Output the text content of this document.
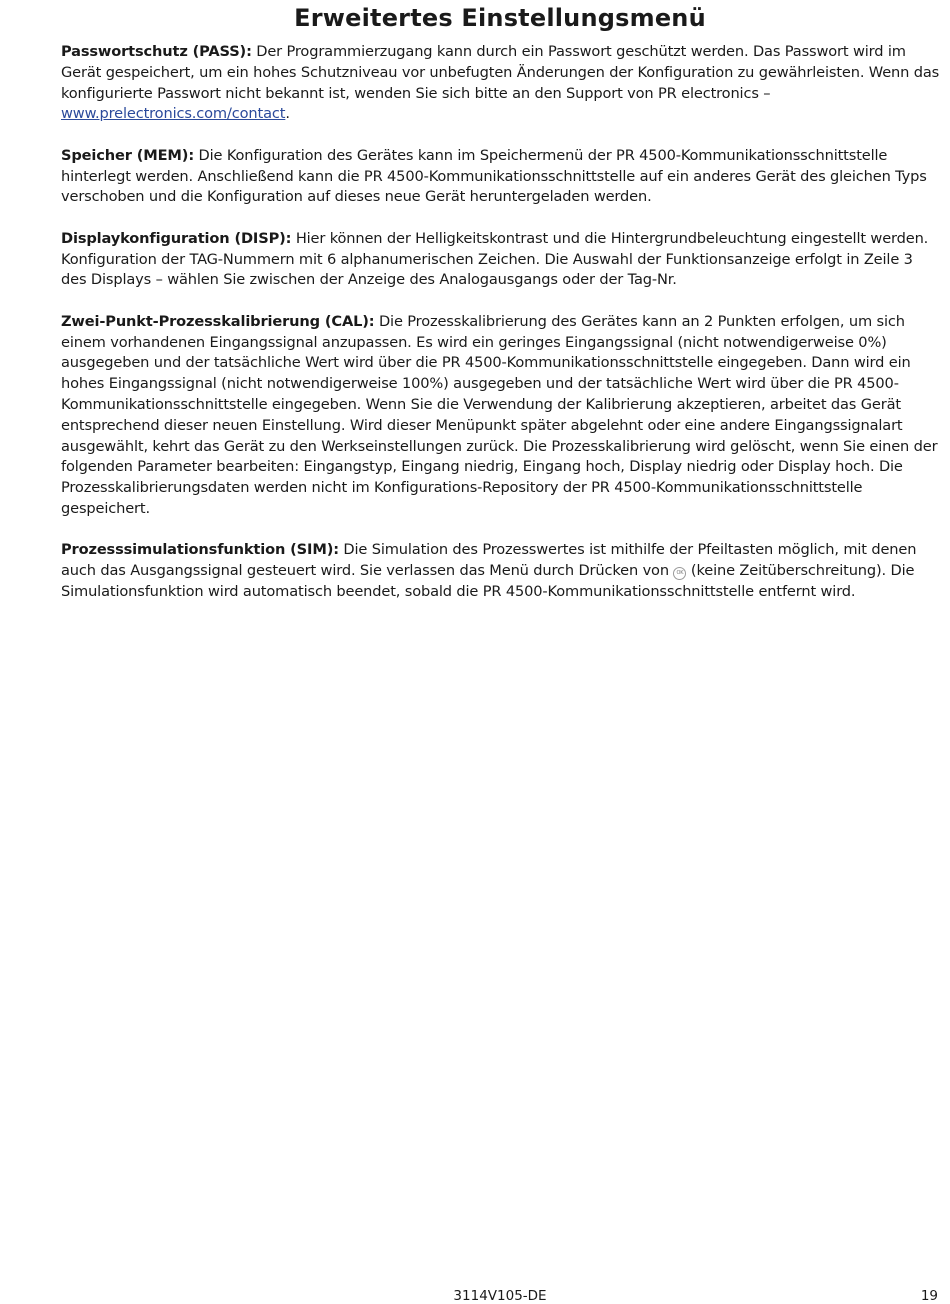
Erweitertes Einstellungsmenü

Passwortschutz (PASS): Der Programmierzugang kann durch ein Passwort geschützt werden. Das Passwort wird im Gerät gespeichert, um ein hohes Schutzniveau vor unbefugten Änderungen der Konfiguration zu gewährleisten. Wenn das konfigurierte Passwort nicht bekannt ist, wenden Sie sich bitte an den Support von PR electronics – www.prelectronics.com/contact.

Speicher (MEM): Die Konfiguration des Gerätes kann im Speichermenü der PR 4500-Kommunikationsschnittstelle hinterlegt werden. Anschließend kann die PR 4500-Kommunikationsschnittstelle auf ein anderes Gerät des gleichen Typs verschoben und die Konfiguration auf dieses neue Gerät heruntergeladen werden.

Displaykonfiguration (DISP): Hier können der Helligkeitskontrast und die Hintergrundbeleuchtung eingestellt werden. Konfiguration der TAG-Nummern mit 6 alphanumerischen Zeichen. Die Auswahl der Funktionsanzeige erfolgt in Zeile 3 des Displays – wählen Sie zwischen der Anzeige des Analogausgangs oder der Tag-Nr.

Zwei-Punkt-Prozesskalibrierung (CAL): Die Prozesskalibrierung des Gerätes kann an 2 Punkten erfolgen, um sich einem vorhandenen Eingangssignal anzupassen. Es wird ein geringes Eingangssignal (nicht notwendigerweise 0%) ausgegeben und der tatsächliche Wert wird über die PR 4500-Kommunikationsschnittstelle eingegeben. Dann wird ein hohes Eingangssignal (nicht notwendigerweise 100%) ausgegeben und der tatsächliche Wert wird über die PR 4500-Kommunikationsschnittstelle eingegeben. Wenn Sie die Verwendung der Kalibrierung akzeptieren, arbeitet das Gerät entsprechend dieser neuen Einstellung. Wird dieser Menüpunkt später abgelehnt oder eine andere Eingangssignalart ausgewählt, kehrt das Gerät zu den Werkseinstellungen zurück. Die Prozesskalibrierung wird gelöscht, wenn Sie einen der folgenden Parameter bearbeiten: Eingangstyp, Eingang niedrig, Eingang hoch, Display niedrig oder Display hoch. Die Prozesskalibrierungsdaten werden nicht im Konfigurations-Repository der PR 4500-Kommunikationsschnittstelle gespeichert.

Prozesssimulationsfunktion (SIM): Die Simulation des Prozesswertes ist mithilfe der Pfeiltasten möglich, mit denen auch das Ausgangssignal gesteuert wird. Sie verlassen das Menü durch Drücken von OK (keine Zeitüberschreitung). Die Simulationsfunktion wird automatisch beendet, sobald die PR 4500-Kommunikationsschnittstelle entfernt wird.

3114V105-DE	19
